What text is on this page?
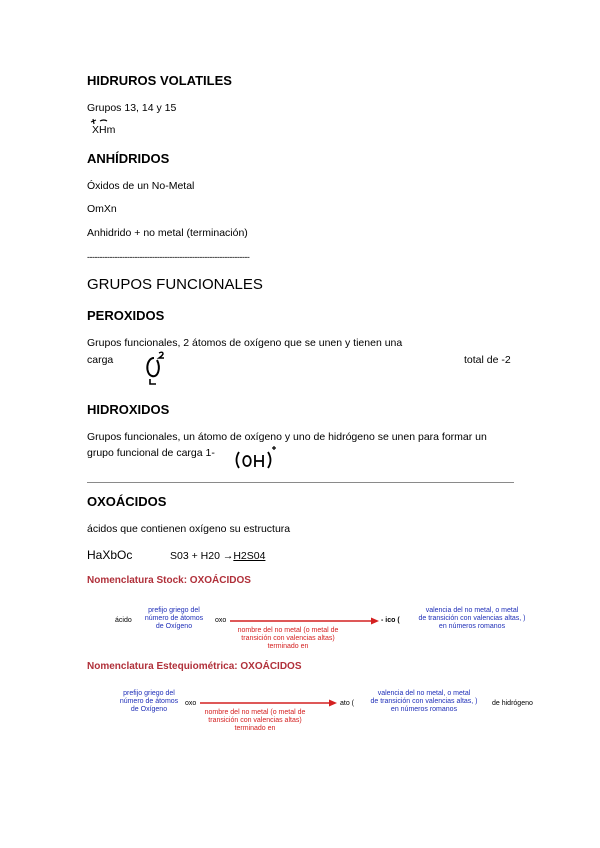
HIDRUROS VOLATILES
Grupos 13, 14 y 15
XHm
ANHÍDRIDOS
Óxidos de un No-Metal
OmXn
Anhidrido + no metal (terminación)
-----------------------------------------------------------------
GRUPOS FUNCIONALES
PEROXIDOS
Grupos funcionales, 2 átomos de oxígeno que se unen y tienen una
carga	total de -2
HIDROXIDOS
Grupos funcionales, un átomo de oxígeno y uno de hidrógeno se unen para formar un
grupo funcional de carga 1-
OXOÁCIDOS
ácidos que contienen oxígeno su estructura
HaXbOc	S03 + H20 →H2S04
Nomenclatura Stock: OXOÁCIDOS
ácido
prefijo griego del
número de átomos
de Oxígeno
oxo
nombre del no metal (o metal de
transición con valencias altas)
terminado en
- ico (
valencia del no metal, o metal
de transición con valencias altas, )
en números romanos
Nomenclatura Estequiométrica: OXOÁCIDOS
prefijo griego del
número de átomos
de Oxígeno
oxo
nombre del no metal (o metal de
transición con valencias altas)
terminado en
ato (
valencia del no metal, o metal
de transición con valencias altas, )
en números romanos
de hidrógeno
